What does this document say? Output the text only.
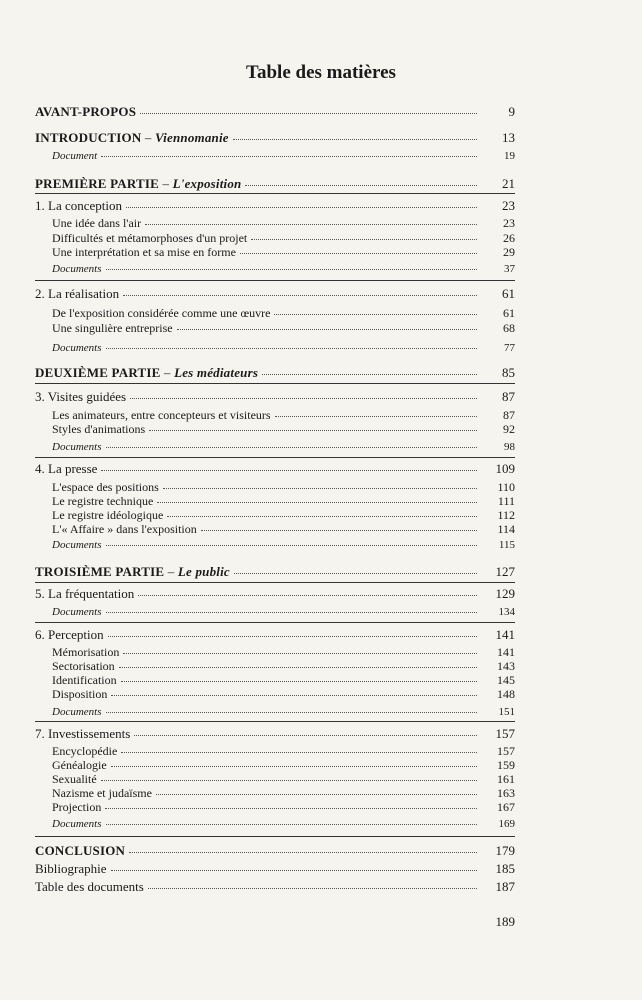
Table des matières
AVANT-PROPOS	9
INTRODUCTION – Viennomanie	13
Document	19
PREMIÈRE PARTIE – L'exposition	21
1. La conception	23
Une idée dans l'air	23
Difficultés et métamorphoses d'un projet	26
Une interprétation et sa mise en forme	29
Documents	37
2. La réalisation	61
De l'exposition considérée comme une œuvre	61
Une singulière entreprise	68
Documents	77
DEUXIÈME PARTIE – Les médiateurs	85
3. Visites guidées	87
Les animateurs, entre concepteurs et visiteurs	87
Styles d'animations	92
Documents	98
4. La presse	109
L'espace des positions	110
Le registre technique	111
Le registre idéologique	112
L'« Affaire » dans l'exposition	114
Documents	115
TROISIÈME PARTIE – Le public	127
5. La fréquentation	129
Documents	134
6. Perception	141
Mémorisation	141
Sectorisation	143
Identification	145
Disposition	148
Documents	151
7. Investissements	157
Encyclopédie	157
Généalogie	159
Sexualité	161
Nazisme et judaïsme	163
Projection	167
Documents	169
CONCLUSION	179
Bibliographie	185
Table des documents	187
189
